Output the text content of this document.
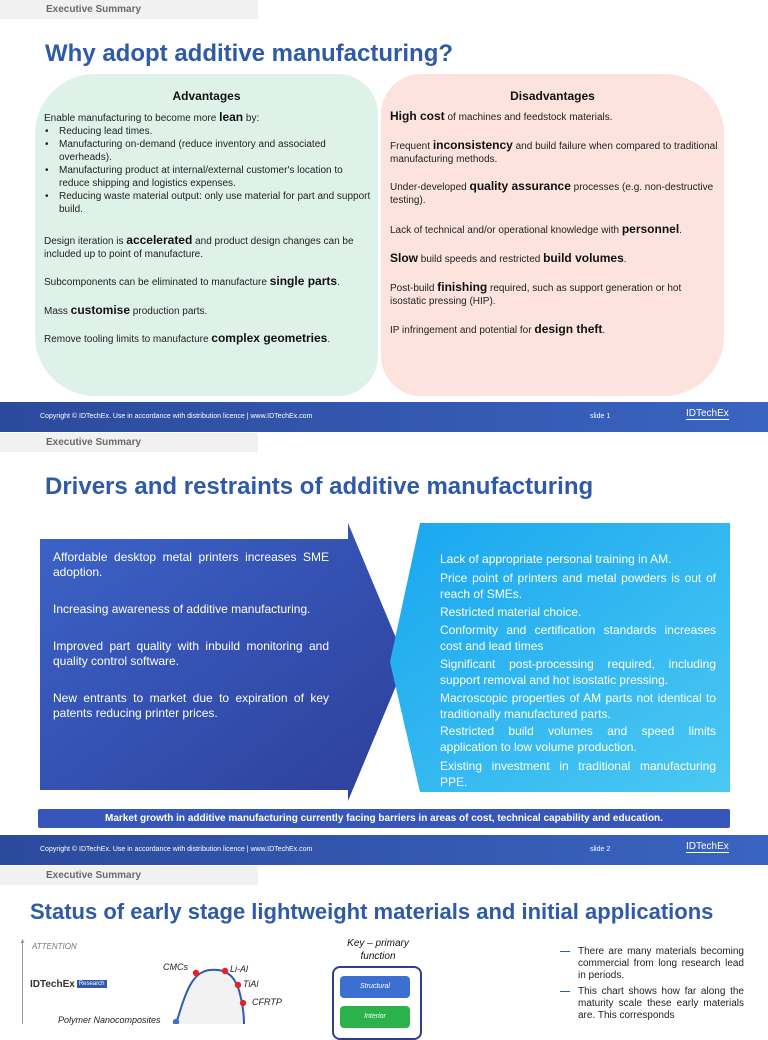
Executive Summary
Why adopt additive manufacturing?
Advantages
Enable manufacturing to become more lean by:
• Reducing lead times.
• Manufacturing on-demand (reduce inventory and associated overheads).
• Manufacturing product at internal/external customer's location to reduce shipping and logistics expenses.
• Reducing waste material output: only use material for part and support build.
Design iteration is accelerated and product design changes can be included up to point of manufacture.
Subcomponents can be eliminated to manufacture single parts.
Mass customise production parts.
Remove tooling limits to manufacture complex geometries.
Disadvantages
High cost of machines and feedstock materials.
Frequent inconsistency and build failure when compared to traditional manufacturing methods.
Under-developed quality assurance processes (e.g. non-destructive testing).
Lack of technical and/or operational knowledge with personnel.
Slow build speeds and restricted build volumes.
Post-build finishing required, such as support generation or hot isostatic pressing (HIP).
IP infringement and potential for design theft.
Copyright © IDTechEx. Use in accordance with distribution licence | www.IDTechEx.com	slide 1	IDTechEx
Executive Summary
Drivers and restraints of additive manufacturing
Affordable desktop metal printers increases SME adoption.
Increasing awareness of additive manufacturing.
Improved part quality with inbuild monitoring and quality control software.
New entrants to market due to expiration of key patents reducing printer prices.
Lack of appropriate personal training in AM.
Price point of printers and metal powders is out of reach of SMEs.
Restricted material choice.
Conformity and certification standards increases cost and lead times
Significant post-processing required, including support removal and hot isostatic pressing.
Macroscopic properties of AM parts not identical to traditionally manufactured parts.
Restricted build volumes and speed limits application to low volume production.
Existing investment in traditional manufacturing PPE.
Market growth in additive manufacturing currently facing barriers in areas of cost, technical capability and education.
Copyright © IDTechEx. Use in accordance with distribution licence | www.IDTechEx.com	slide 2	IDTechEx
Executive Summary
Status of early stage lightweight materials and initial applications
▲
ATTENTION
IDTechEx Research
CMCs	Li-Al
TiAl
CFRTP
Polymer Nanocomposites
Key – primary function
Structural
Interior
— There are many materials becoming commercial from long research lead in periods.
— This chart shows how far along the maturity scale these early materials are. This corresponds
